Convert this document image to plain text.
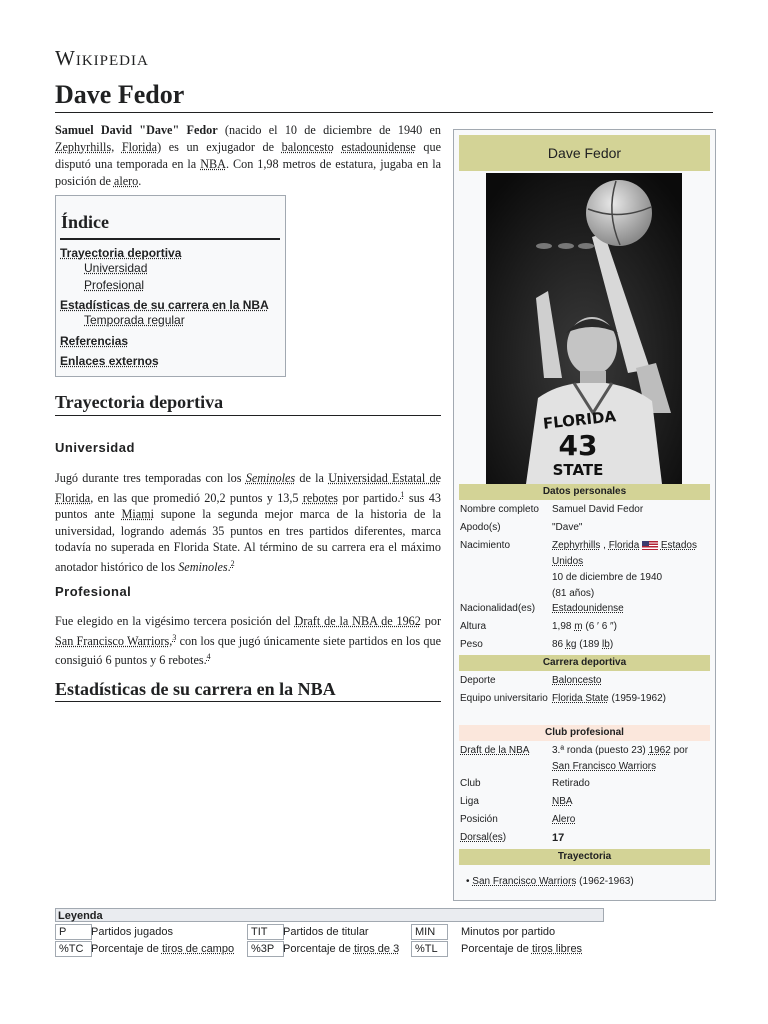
Wikipedia
Dave Fedor
Samuel David "Dave" Fedor (nacido el 10 de diciembre de 1940 en Zephyrhills, Florida) es un exjugador de baloncesto estadounidense que disputó una temporada en la NBA. Con 1,98 metros de estatura, jugaba en la posición de alero.
Índice
Trayectoria deportiva
Universidad
Profesional
Estadísticas de su carrera en la NBA
Temporada regular
Referencias
Enlaces externos
Trayectoria deportiva
Universidad
Jugó durante tres temporadas con los Seminoles de la Universidad Estatal de Florida, en las que promedió 20,2 puntos y 13,5 rebotes por partido.$^1$ sus 43 puntos ante Miami supone la segunda mejor marca de la historia de la universidad, logrando además 35 puntos en tres partidos diferentes, marca todavía no superada en Florida State. Al término de su carrera era el máximo anotador histórico de los Seminoles.$^2$
Profesional
Fue elegido en la vigésimo tercera posición del Draft de la NBA de 1962 por San Francisco Warriors,$^3$ con los que jugó únicamente siete partidos en los que consiguió 6 puntos y 6 rebotes.$^4$
Estadísticas de su carrera en la NBA
Dave Fedor
FLORIDA
43
STATE
Datos personales
Nombre completo	Samuel David Fedor
Apodo(s)	"Dave"
Nacimiento	Zephyrhills , Florida Estados Unidos
10 de diciembre de 1940
(81 años)
Nacionalidad(es)	Estadounidense
Altura	1,98 m (6 ′ 6 ″)
Peso	86 kg (189 lb)
Carrera deportiva
Deporte	Baloncesto
Equipo universitario Florida State (1959-1962)
Club profesional
Draft de la NBA	3.ª ronda (puesto 23) 1962 por
San Francisco Warriors
Club	Retirado
Liga	NBA
Posición	Alero
Dorsal(es)	17
Trayectoria
• San Francisco Warriors (1962-1963)
Leyenda
P	Partidos jugados	TIT	Partidos de titular	MIN	Minutos por partido
%TC Porcentaje de tiros de campo	%3P Porcentaje de tiros de 3	%TL	Porcentaje de tiros libres
